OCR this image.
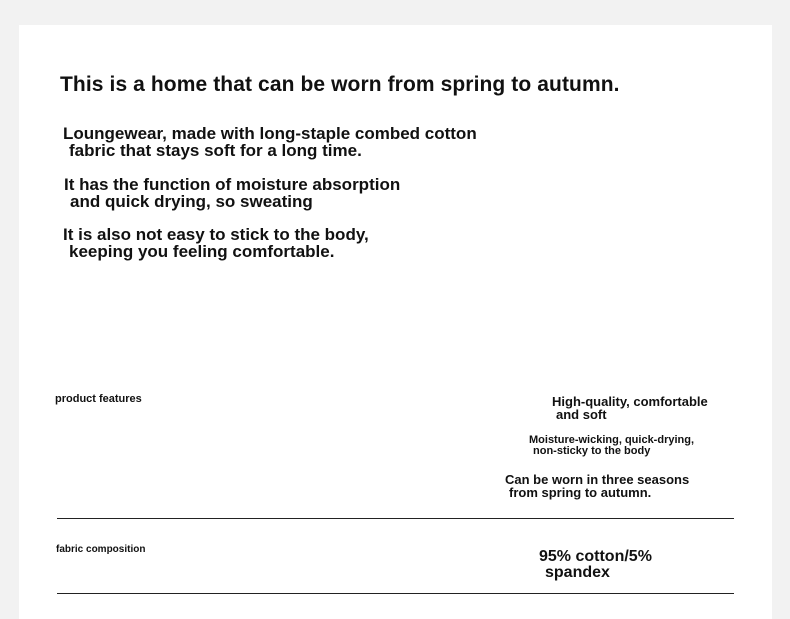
This is a home that can be worn from spring to autumn.
Loungewear, made with long-staple combed cotton
fabric that stays soft for a long time.
It has the function of moisture absorption
and quick drying, so sweating
It is also not easy to stick to the body,
keeping you feeling comfortable.
product features	High-quality, comfortable
and soft
Moisture-wicking, quick-drying,
non-sticky to the body
Can be worn in three seasons
from spring to autumn.
fabric composition	95% cotton/5%
spandex
